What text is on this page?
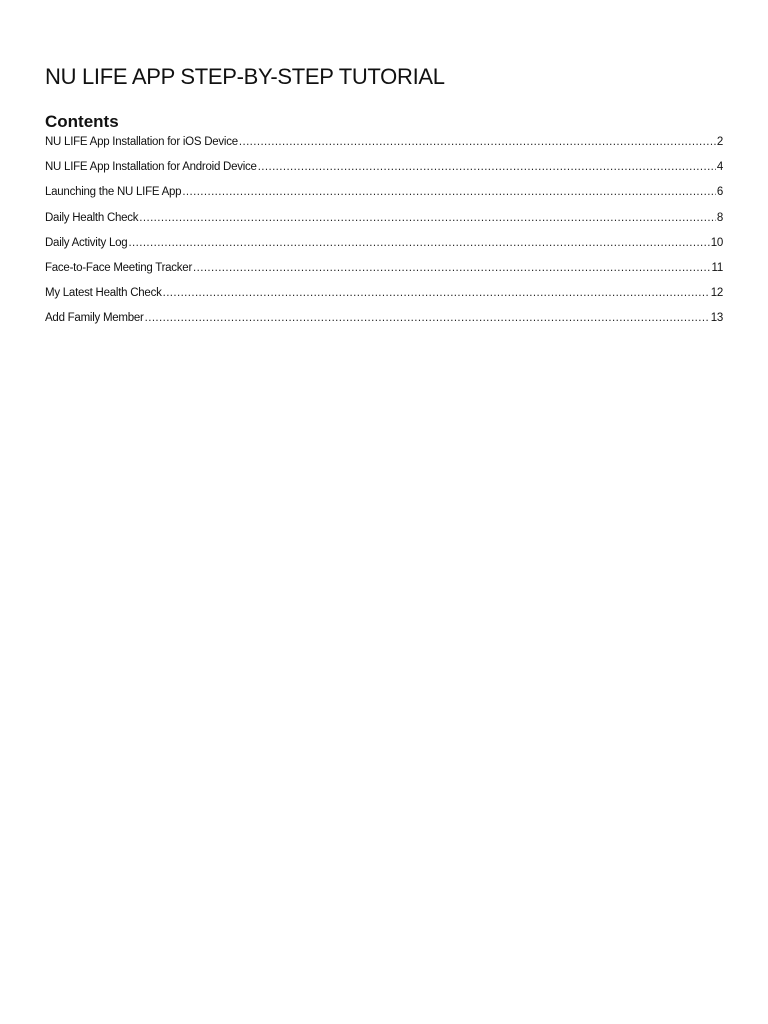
NU LIFE APP STEP-BY-STEP TUTORIAL
Contents
NU LIFE App Installation for iOS Device .....	2
NU LIFE App Installation for Android Device .....	4
Launching the NU LIFE App .....	6
Daily Health Check .....	8
Daily Activity Log .....	10
Face-to-Face Meeting Tracker .....	11
My Latest Health Check .....	12
Add Family Member .....	13
